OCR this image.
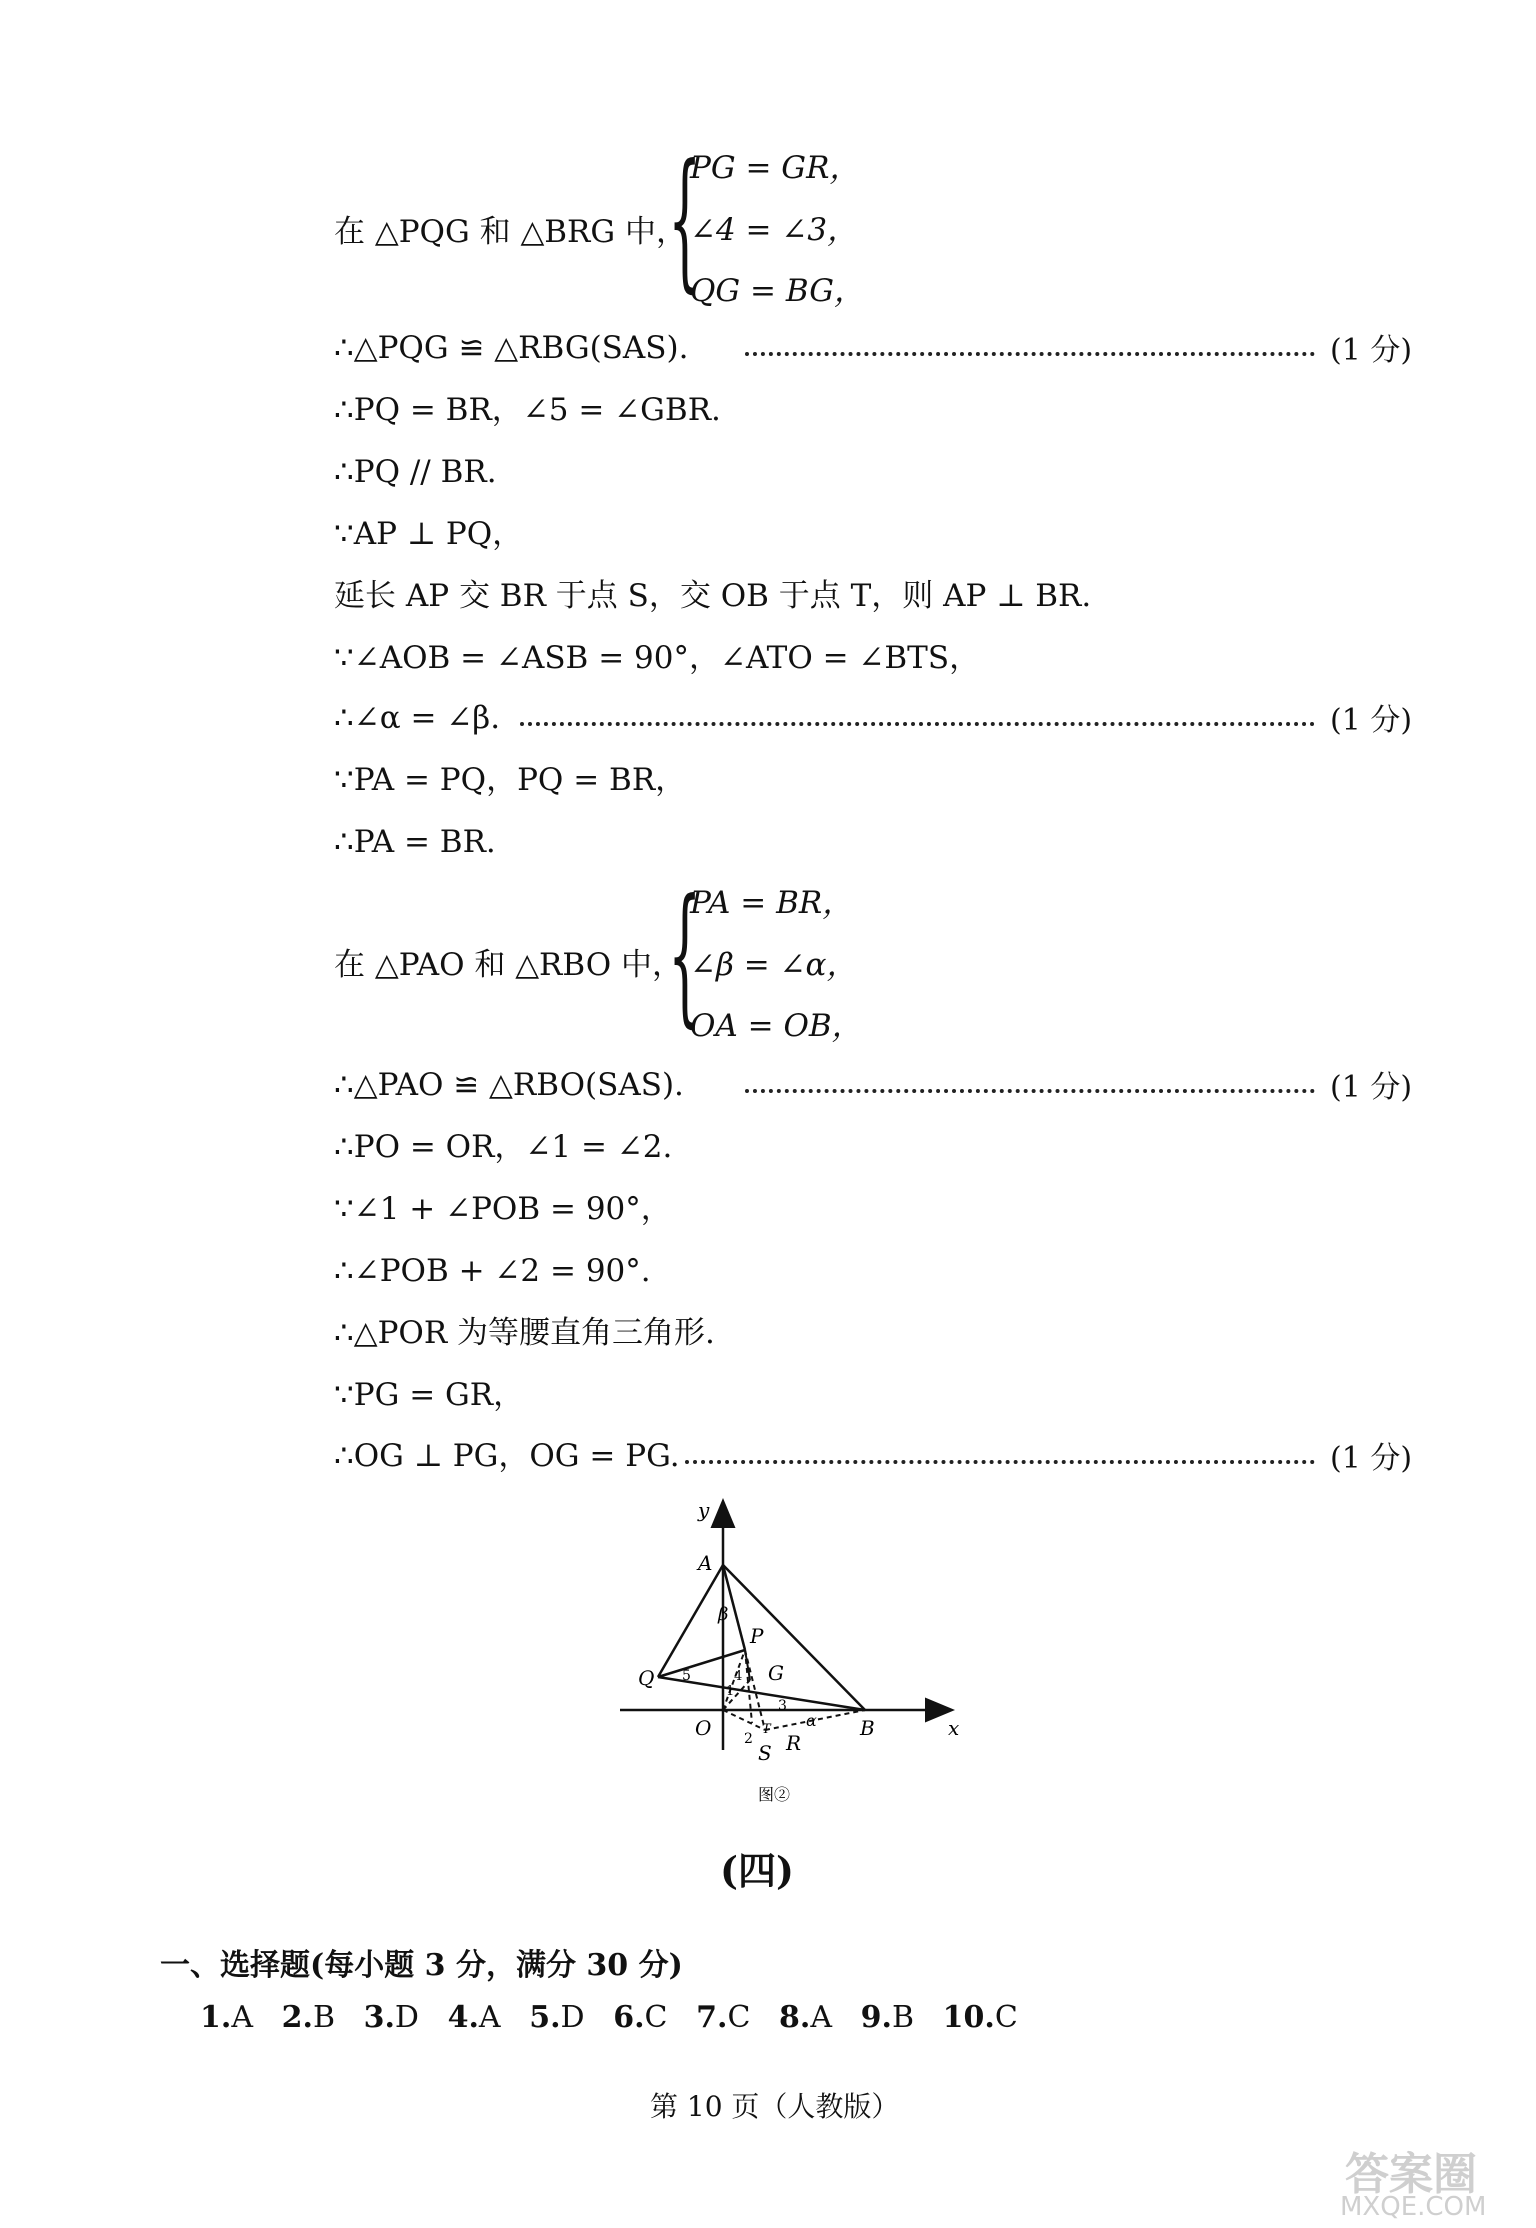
在 △PQG 和 △BRG 中，
{
PG = GR，
∠4 = ∠3，
QG = BG，
∴△PQG ≌ △RBG(SAS).	(1 分)
∴PQ = BR，∠5 = ∠GBR.
∴PQ // BR.
∵AP ⊥ PQ，
延长 AP 交 BR 于点 S，交 OB 于点 T，则 AP ⊥ BR.
∵∠AOB = ∠ASB = 90°，∠ATO = ∠BTS，
∴∠α = ∠β.	(1 分)
∵PA = PQ，PQ = BR，
∴PA = BR.
在 △PAO 和 △RBO 中，
{
PA = BR，
∠β = ∠α，
OA = OB，
∴△PAO ≌ △RBO(SAS).	(1 分)
∴PO = OR，∠1 = ∠2.
∵∠1 + ∠POB = 90°，
∴∠POB + ∠2 = 90°.
∴△POR 为等腰直角三角形.
∵PG = GR，
∴OG ⊥ PG，OG = PG.	(1 分)
y
x
A
P
Q	G
O	B
R
S
T
1
2
3
4
5
β
α
图②
(四)
一、选择题(每小题 3 分，满分 30 分)
1.A 2.B 3.D 4.A 5.D 6.C 7.C 8.A 9.B 10.C
第 10 页（人教版）
答案圈
MXQE.COM
